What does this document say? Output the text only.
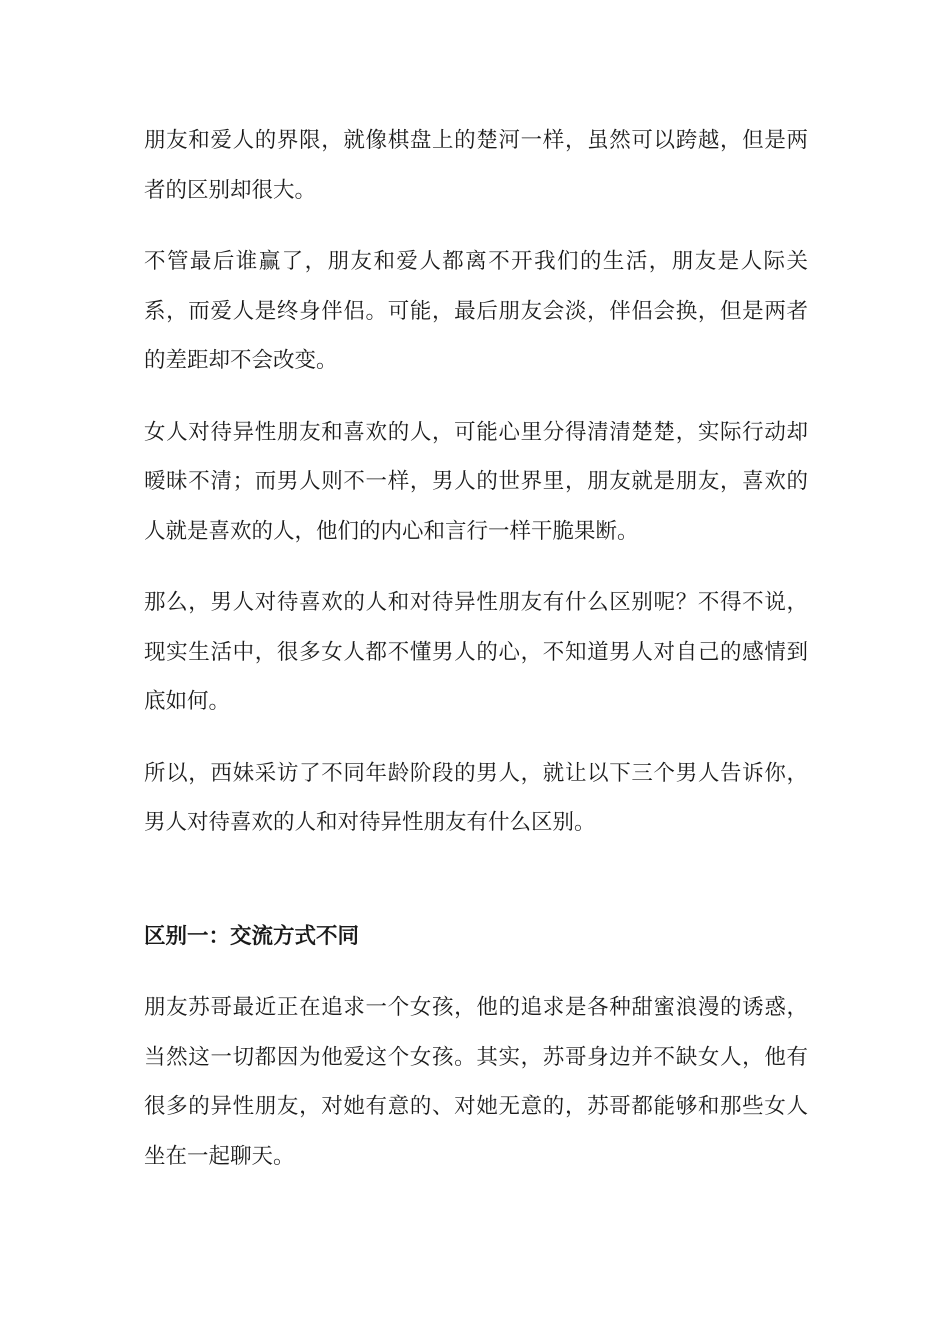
朋友和爱人的界限，就像棋盘上的楚河一样，虽然可以跨越，但是两者的区别却很大。

不管最后谁赢了，朋友和爱人都离不开我们的生活，朋友是人际关系，而爱人是终身伴侣。可能，最后朋友会淡，伴侣会换，但是两者的差距却不会改变。

女人对待异性朋友和喜欢的人，可能心里分得清清楚楚，实际行动却暧昧不清；而男人则不一样，男人的世界里，朋友就是朋友，喜欢的人就是喜欢的人，他们的内心和言行一样干脆果断。

那么，男人对待喜欢的人和对待异性朋友有什么区别呢？不得不说，现实生活中，很多女人都不懂男人的心，不知道男人对自己的感情到底如何。

所以，西妹采访了不同年龄阶段的男人，就让以下三个男人告诉你，男人对待喜欢的人和对待异性朋友有什么区别。

区别一：交流方式不同

朋友苏哥最近正在追求一个女孩，他的追求是各种甜蜜浪漫的诱惑，当然这一切都因为他爱这个女孩。其实，苏哥身边并不缺女人，他有很多的异性朋友，对她有意的、对她无意的，苏哥都能够和那些女人坐在一起聊天。
